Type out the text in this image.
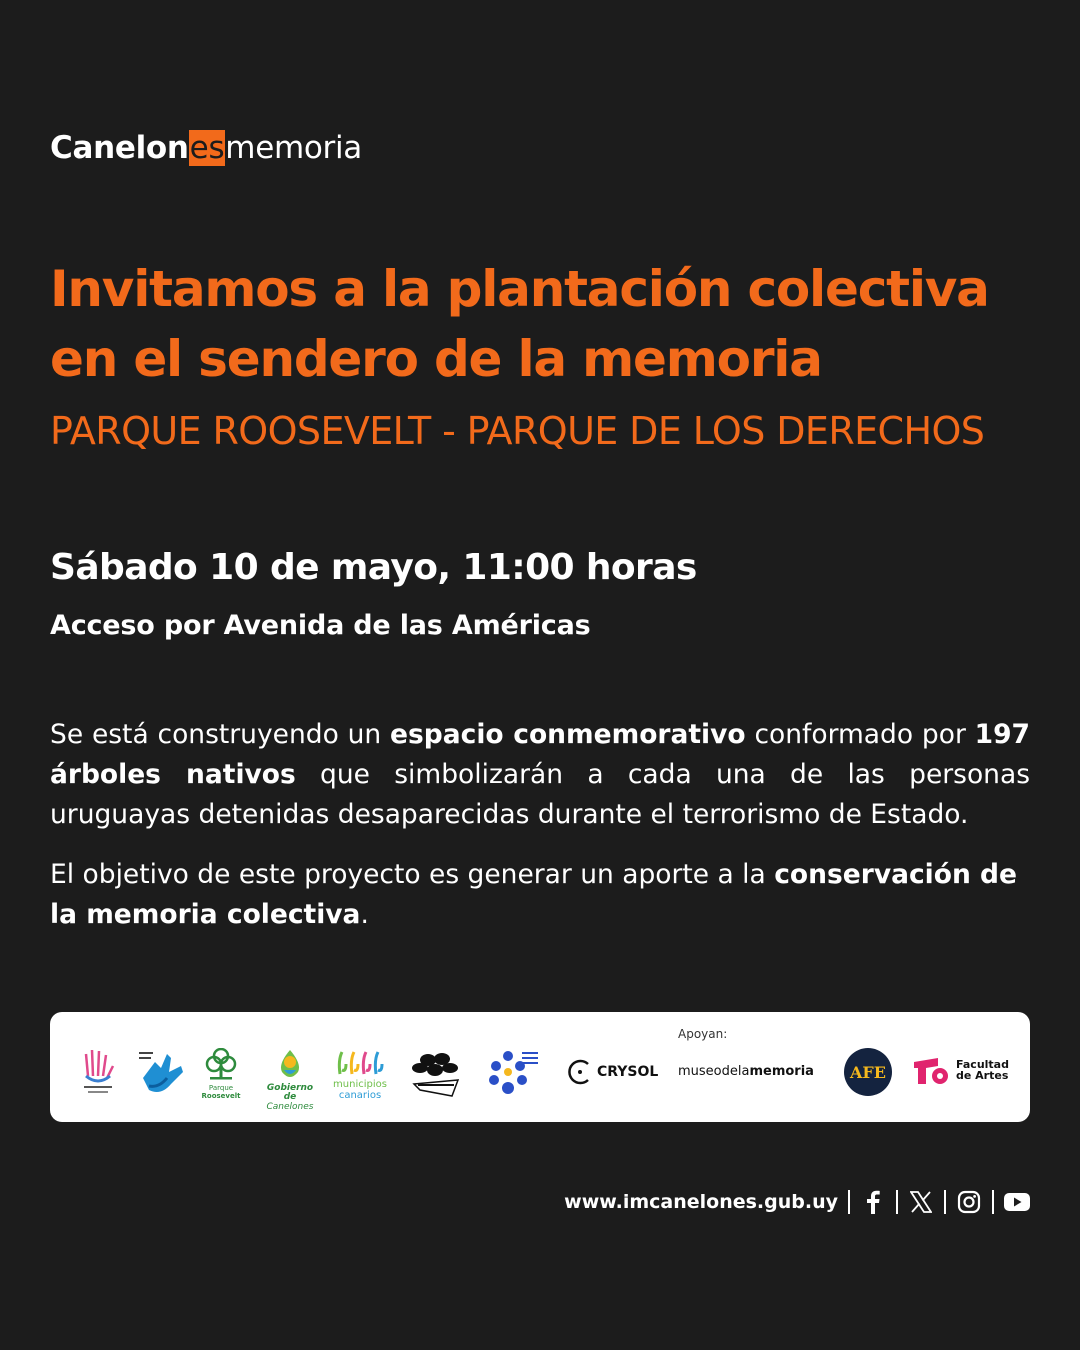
Canelonesmemoria
Invitamos a la plantación colectiva
en el sendero de la memoria
PARQUE ROOSEVELT - PARQUE DE LOS DERECHOS
Sábado 10 de mayo, 11:00 horas
Acceso por Avenida de las Américas

Se está construyendo un espacio conmemorativo conformado por 197 árboles nativos que simbolizarán a cada una de las personas uruguayas detenidas desaparecidas durante el terrorismo de Estado.

El objetivo de este proyecto es generar un aporte a la conservación de la memoria colectiva.

Apoyan:
Parque
Roosevelt
Gobierno de
Canelones
municipios
canarios
CRYSOL museodelamemoria AFE	Facultad
de Artes
www.imcanelones.gub.uy
